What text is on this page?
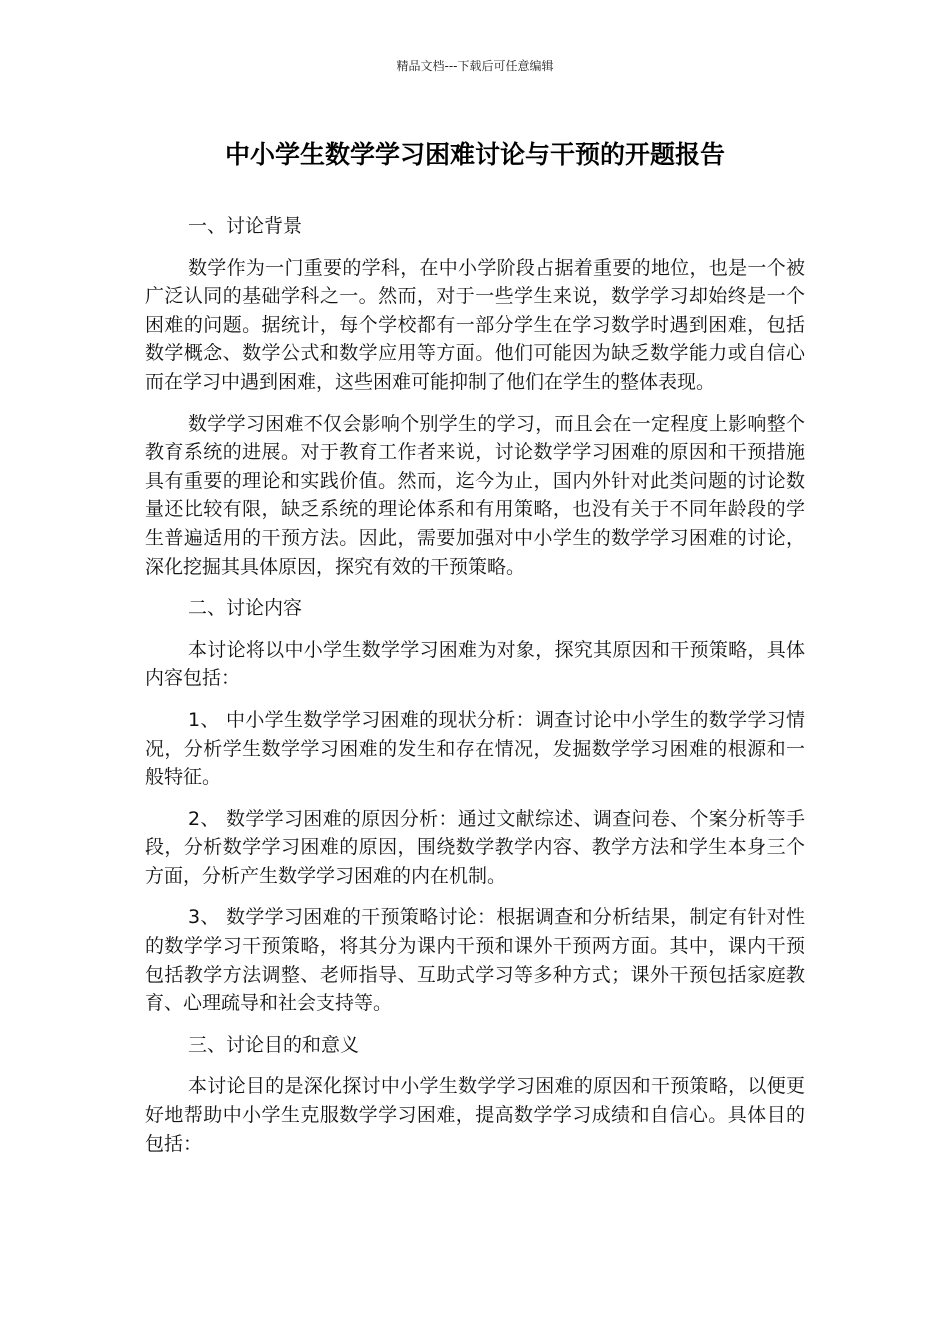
精品文档---下载后可任意编辑
中小学生数学学习困难讨论与干预的开题报告
一、讨论背景

数学作为一门重要的学科，在中小学阶段占据着重要的地位，也是一个被广泛认同的基础学科之一。然而，对于一些学生来说，数学学习却始终是一个困难的问题。据统计，每个学校都有一部分学生在学习数学时遇到困难，包括数学概念、数学公式和数学应用等方面。他们可能因为缺乏数学能力或自信心而在学习中遇到困难，这些困难可能抑制了他们在学生的整体表现。

数学学习困难不仅会影响个别学生的学习，而且会在一定程度上影响整个教育系统的进展。对于教育工作者来说，讨论数学学习困难的原因和干预措施具有重要的理论和实践价值。然而，迄今为止，国内外针对此类问题的讨论数量还比较有限，缺乏系统的理论体系和有用策略，也没有关于不同年龄段的学生普遍适用的干预方法。因此，需要加强对中小学生的数学学习困难的讨论，深化挖掘其具体原因，探究有效的干预策略。

二、讨论内容

本讨论将以中小学生数学学习困难为对象，探究其原因和干预策略，具体内容包括：

1、 中小学生数学学习困难的现状分析：调查讨论中小学生的数学学习情况，分析学生数学学习困难的发生和存在情况，发掘数学学习困难的根源和一般特征。

2、 数学学习困难的原因分析：通过文献综述、调查问卷、个案分析等手段，分析数学学习困难的原因，围绕数学教学内容、教学方法和学生本身三个方面，分析产生数学学习困难的内在机制。

3、 数学学习困难的干预策略讨论：根据调查和分析结果，制定有针对性的数学学习干预策略，将其分为课内干预和课外干预两方面。其中，课内干预包括教学方法调整、老师指导、互助式学习等多种方式；课外干预包括家庭教育、心理疏导和社会支持等。

三、讨论目的和意义

本讨论目的是深化探讨中小学生数学学习困难的原因和干预策略，以便更好地帮助中小学生克服数学学习困难，提高数学学习成绩和自信心。具体目的包括：
